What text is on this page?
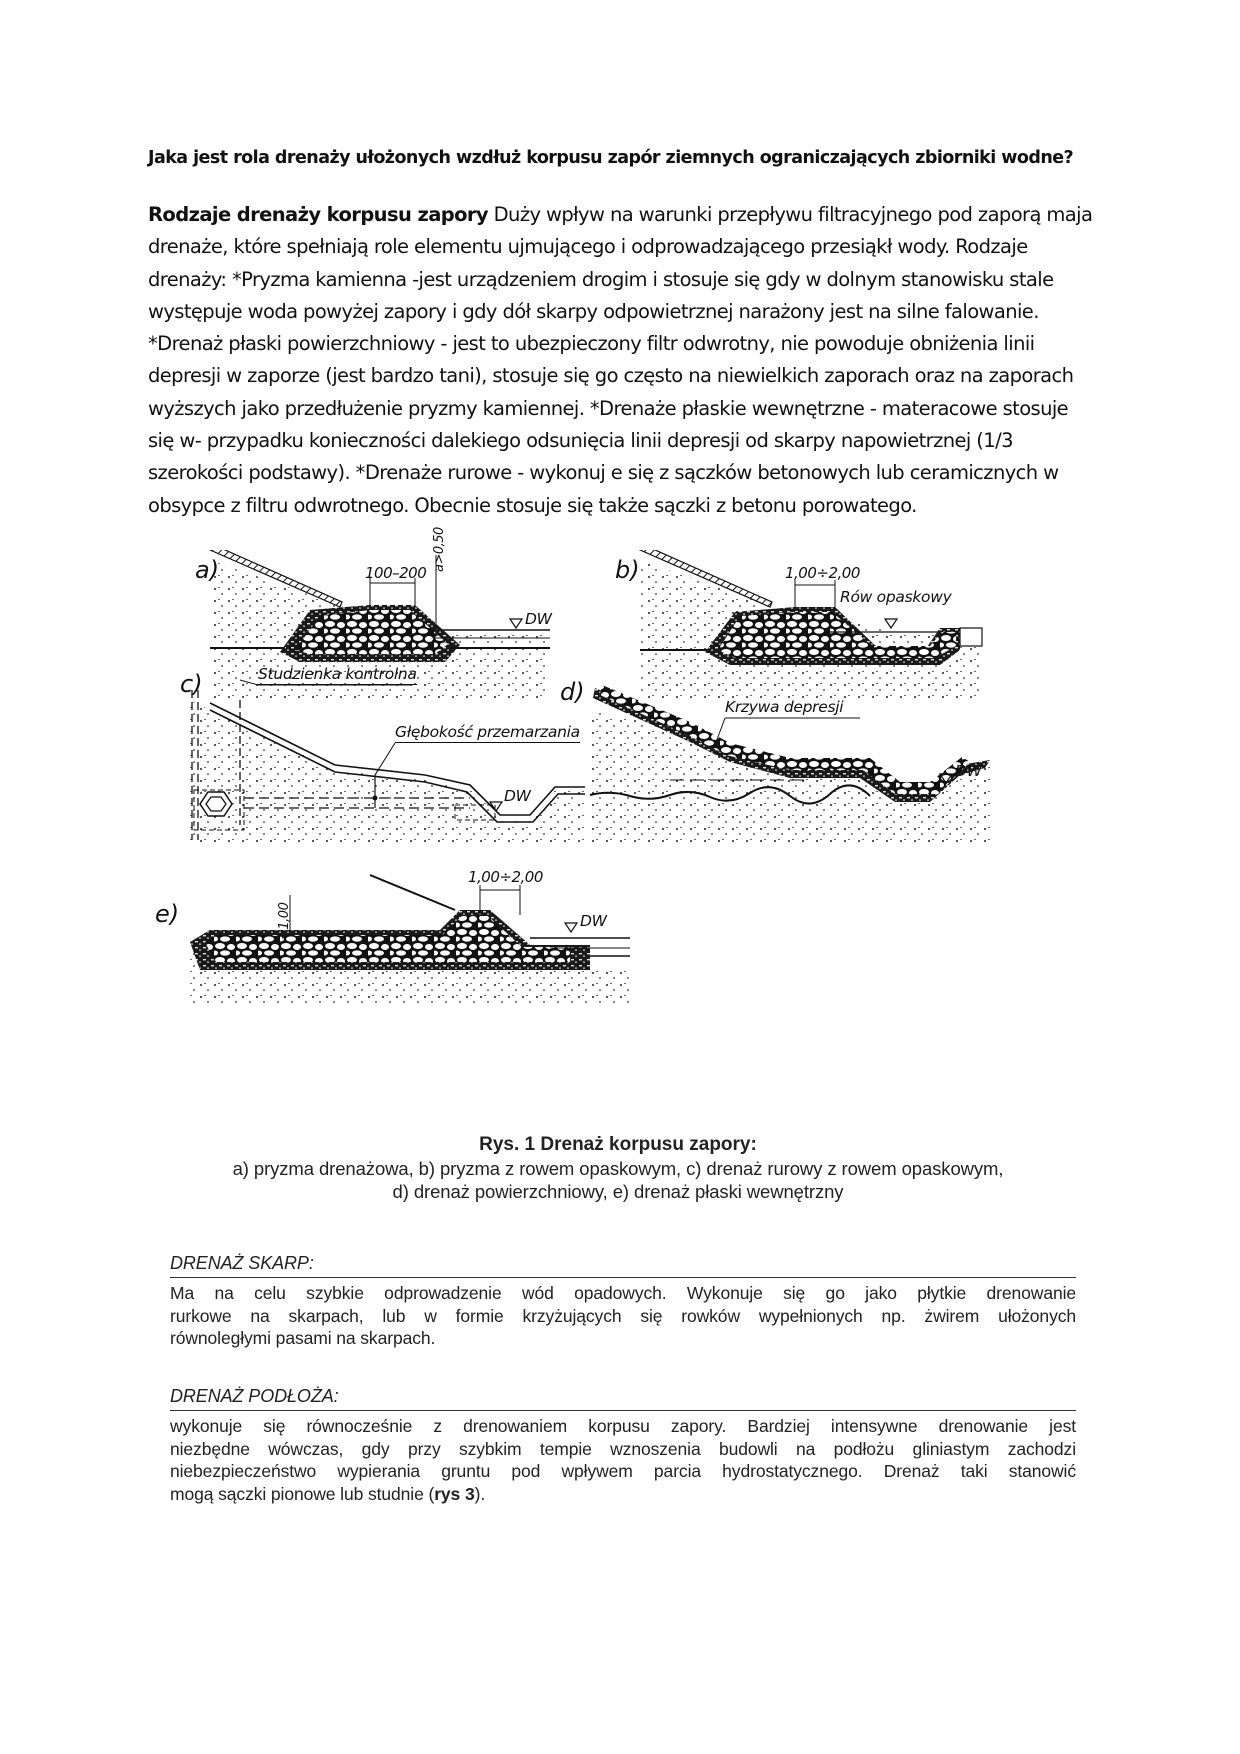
Jaka jest rola drenaży ułożonych wzdłuż korpusu zapór ziemnych ograniczających zbiorniki wodne?
Rodzaje drenaży korpusu zapory Duży wpływ na warunki przepływu filtracyjnego pod zaporą maja
drenaże, które spełniają role elementu ujmującego i odprowadzającego przesiąkł wody. Rodzaje
drenaży: *Pryzma kamienna -jest urządzeniem drogim i stosuje się gdy w dolnym stanowisku stale
występuje woda powyżej zapory i gdy dół skarpy odpowietrznej narażony jest na silne falowanie.
*Drenaż płaski powierzchniowy - jest to ubezpieczony filtr odwrotny, nie powoduje obniżenia linii
depresji w zaporze (jest bardzo tani), stosuje się go często na niewielkich zaporach oraz na zaporach
wyższych jako przedłużenie pryzmy kamiennej. *Drenaże płaskie wewnętrzne - materacowe stosuje
się w- przypadku konieczności dalekiego odsunięcia linii depresji od skarpy napowietrznej (1/3
szerokości podstawy). *Drenaże rurowe - wykonuj e się z sączków betonowych lub ceramicznych w
obsypce z filtru odwrotnego. Obecnie stosuje się także sączki z betonu porowatego.
a)	100–200
a>0,50
DW
b)	1,00÷2,00
Rów opaskowy
c)	Studzienka kontrolna
Głębokość przemarzania
DW
d)
Krzywa depresji
DW
e)
1,00÷2,00
≈1,00	DW
Rys. 1 Drenaż korpusu zapory:
a) pryzma drenażowa, b) pryzma z rowem opaskowym, c) drenaż rurowy z rowem opaskowym,
d) drenaż powierzchniowy, e) drenaż płaski wewnętrzny
DRENAŻ SKARP:
Ma na celu szybkie odprowadzenie wód opadowych. Wykonuje się go jako płytkie drenowanie
rurkowe na skarpach, lub w formie krzyżujących się rowków wypełnionych np. żwirem ułożonych
równoległymi pasami na skarpach.
DRENAŻ PODŁOŻA:
wykonuje się równocześnie z drenowaniem korpusu zapory. Bardziej intensywne drenowanie jest
niezbędne wówczas, gdy przy szybkim tempie wznoszenia budowli na podłożu gliniastym zachodzi
niebezpieczeństwo wypierania gruntu pod wpływem parcia hydrostatycznego. Drenaż taki stanowić
mogą sączki pionowe lub studnie (rys 3).
